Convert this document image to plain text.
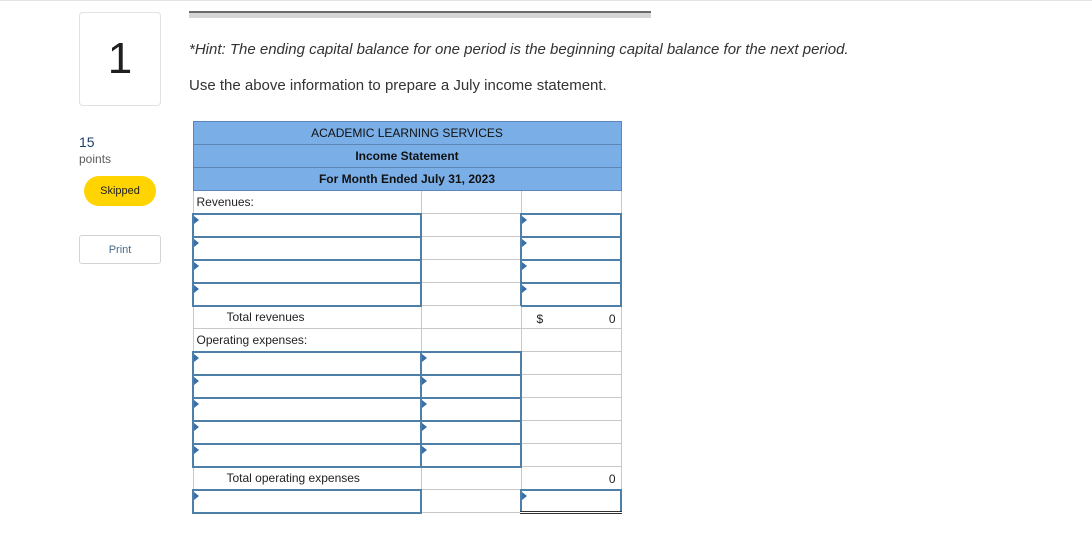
1
15
points
Skipped
Print
*Hint: The ending capital balance for one period is the beginning capital balance for the next period.
Use the above information to prepare a July income statement.
ACADEMIC LEARNING SERVICES		
Income Statement		
For Month Ended July 31, 2023		
Revenues:		

Total revenues		$ 0

Operating expenses:		

Total operating expenses		0
